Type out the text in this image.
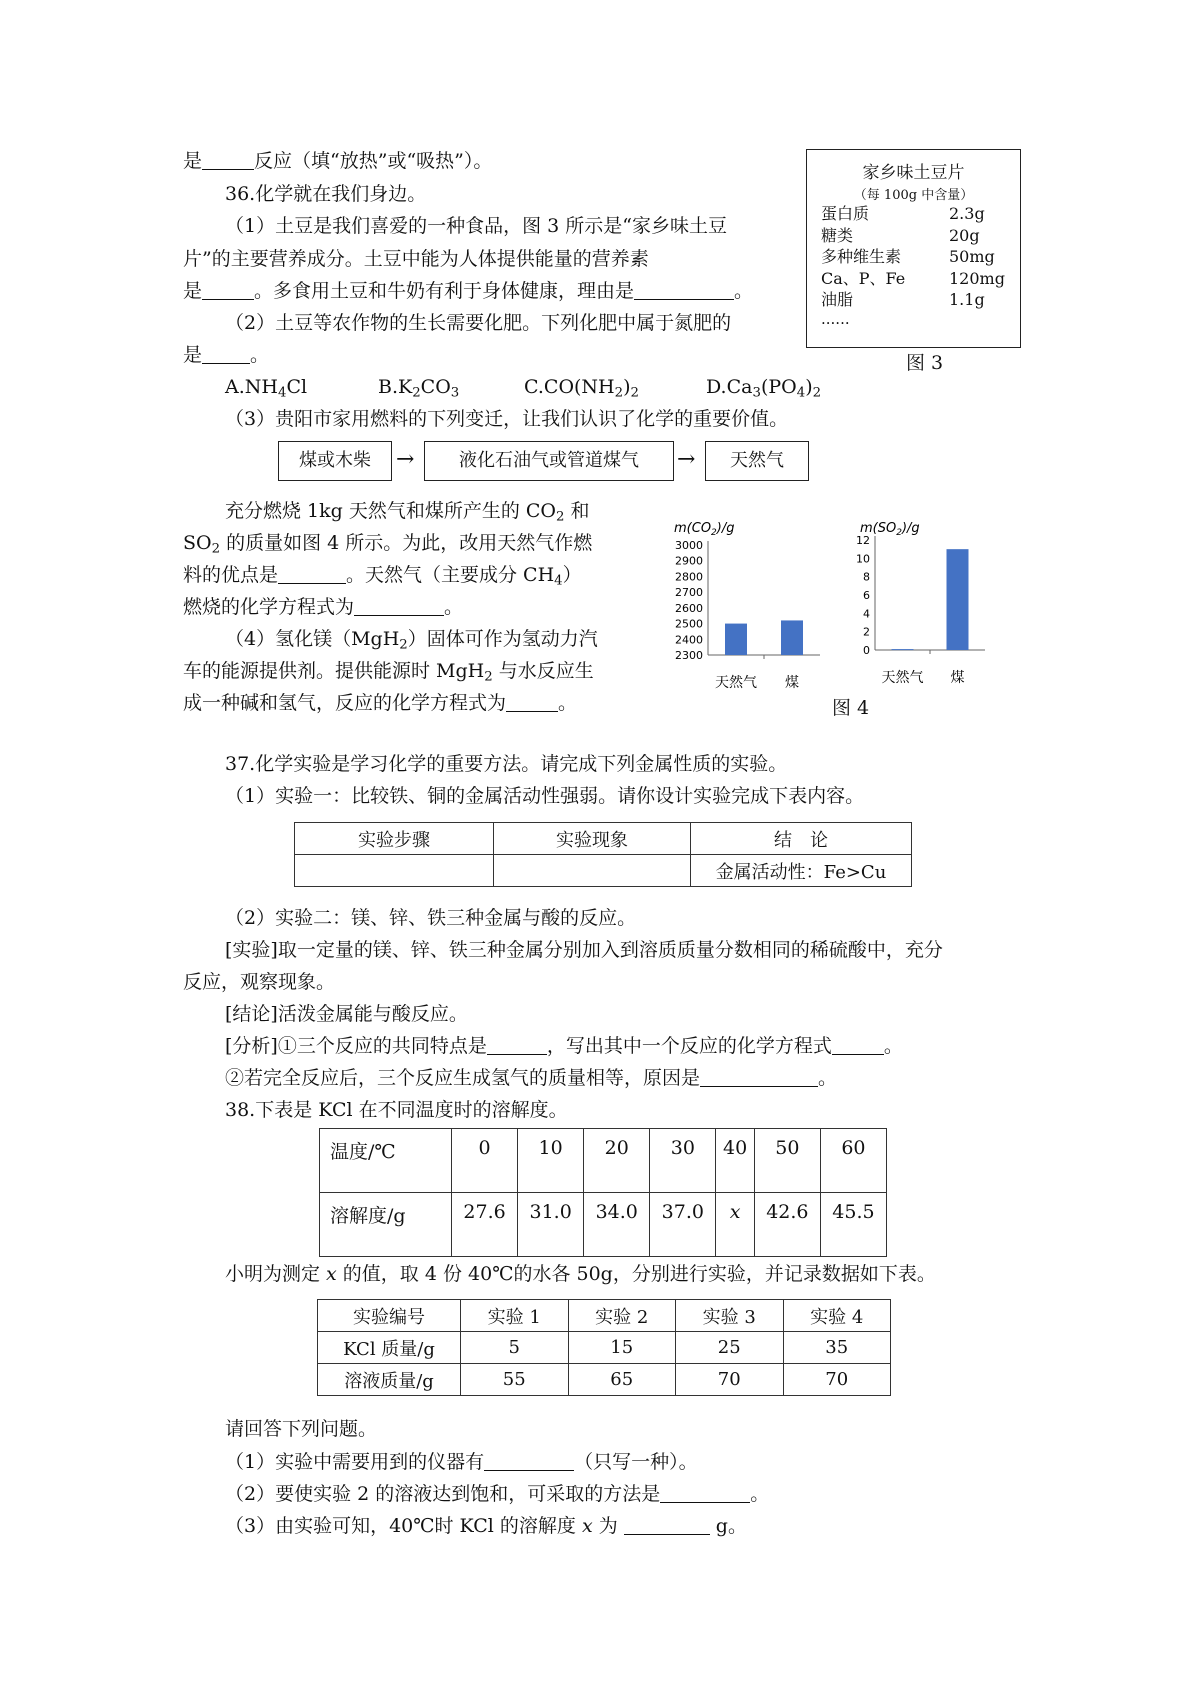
是	反应（填“放热”或“吸热”）。
36.化学就在我们身边。
（1）土豆是我们喜爱的一种食品，图 3 所示是“家乡味土豆
片”的主要营养成分。土豆中能为人体提供能量的营养素
是	。多食用土豆和牛奶有利于身体健康，理由是	。
（2）土豆等农作物的生长需要化肥。下列化肥中属于氮肥的
是	。
$A.NH_4Cl$	$B.K_2CO_3$	$C.CO(NH_2)_2$	$D.Ca_3(PO_4)_2$
（3）贵阳市家用燃料的下列变迁，让我们认识了化学的重要价值。
煤或木柴	→	液化石油气或管道煤气	→	天然气
充分燃烧 1kg 天然气和煤所产生的 $CO_2$ 和
$SO_2$ 的质量如图 4 所示。为此，改用天然气作燃
料的优点是	。天然气（主要成分 $CH_4$）
燃烧的化学方程式为	。
（4）氢化镁（MgH$_2$）固体可作为氢动力汽
车的能源提供剂。提供能源时 MgH$_2$ 与水反应生
成一种碱和氢气，反应的化学方程式为	。
家乡味土豆片
（每 100g 中含量）
蛋白质	2.3g
糖类	20g
多种维生素	50mg
Ca、P、Fe	120mg
油脂	1.1g
......
图 3
$m(CO_2)/g$
3000
2900
2800
2700
2600
2500
2400
2300
天然气 煤
$m(SO_2)/g$
12
10
8
6
4
2
0
天然气 煤
图 4
37.化学实验是学习化学的重要方法。请完成下列金属性质的实验。
（1）实验一：比较铁、铜的金属活动性强弱。请你设计实验完成下表内容。
实验步骤	实验现象	结　论
		金属活动性：Fe>Cu
（2）实验二：镁、锌、铁三种金属与酸的反应。
[实验]取一定量的镁、锌、铁三种金属分别加入到溶质质量分数相同的稀硫酸中，充分
反应，观察现象。
[结论]活泼金属能与酸反应。
[分析]①三个反应的共同特点是	，写出其中一个反应的化学方程式	。
②若完全反应后，三个反应生成氢气的质量相等，原因是	。
38.下表是 KCl 在不同温度时的溶解度。
温度/℃	0	10	20	30	40	50	60
溶解度/g	27.6	31.0	34.0	37.0	x	42.6	45.5
小明为测定 x 的值，取 4 份 40℃的水各 50g，分别进行实验，并记录数据如下表。
实验编号	实验 1	实验 2	实验 3	实验 4
KCl 质量/g	5	15	25	35
溶液质量/g	55	65	70	70
请回答下列问题。
（1）实验中需要用到的仪器有	（只写一种）。
（2）要使实验 2 的溶液达到饱和，可采取的方法是	。
（3）由实验可知，40℃时 KCl 的溶解度 x 为	g。
